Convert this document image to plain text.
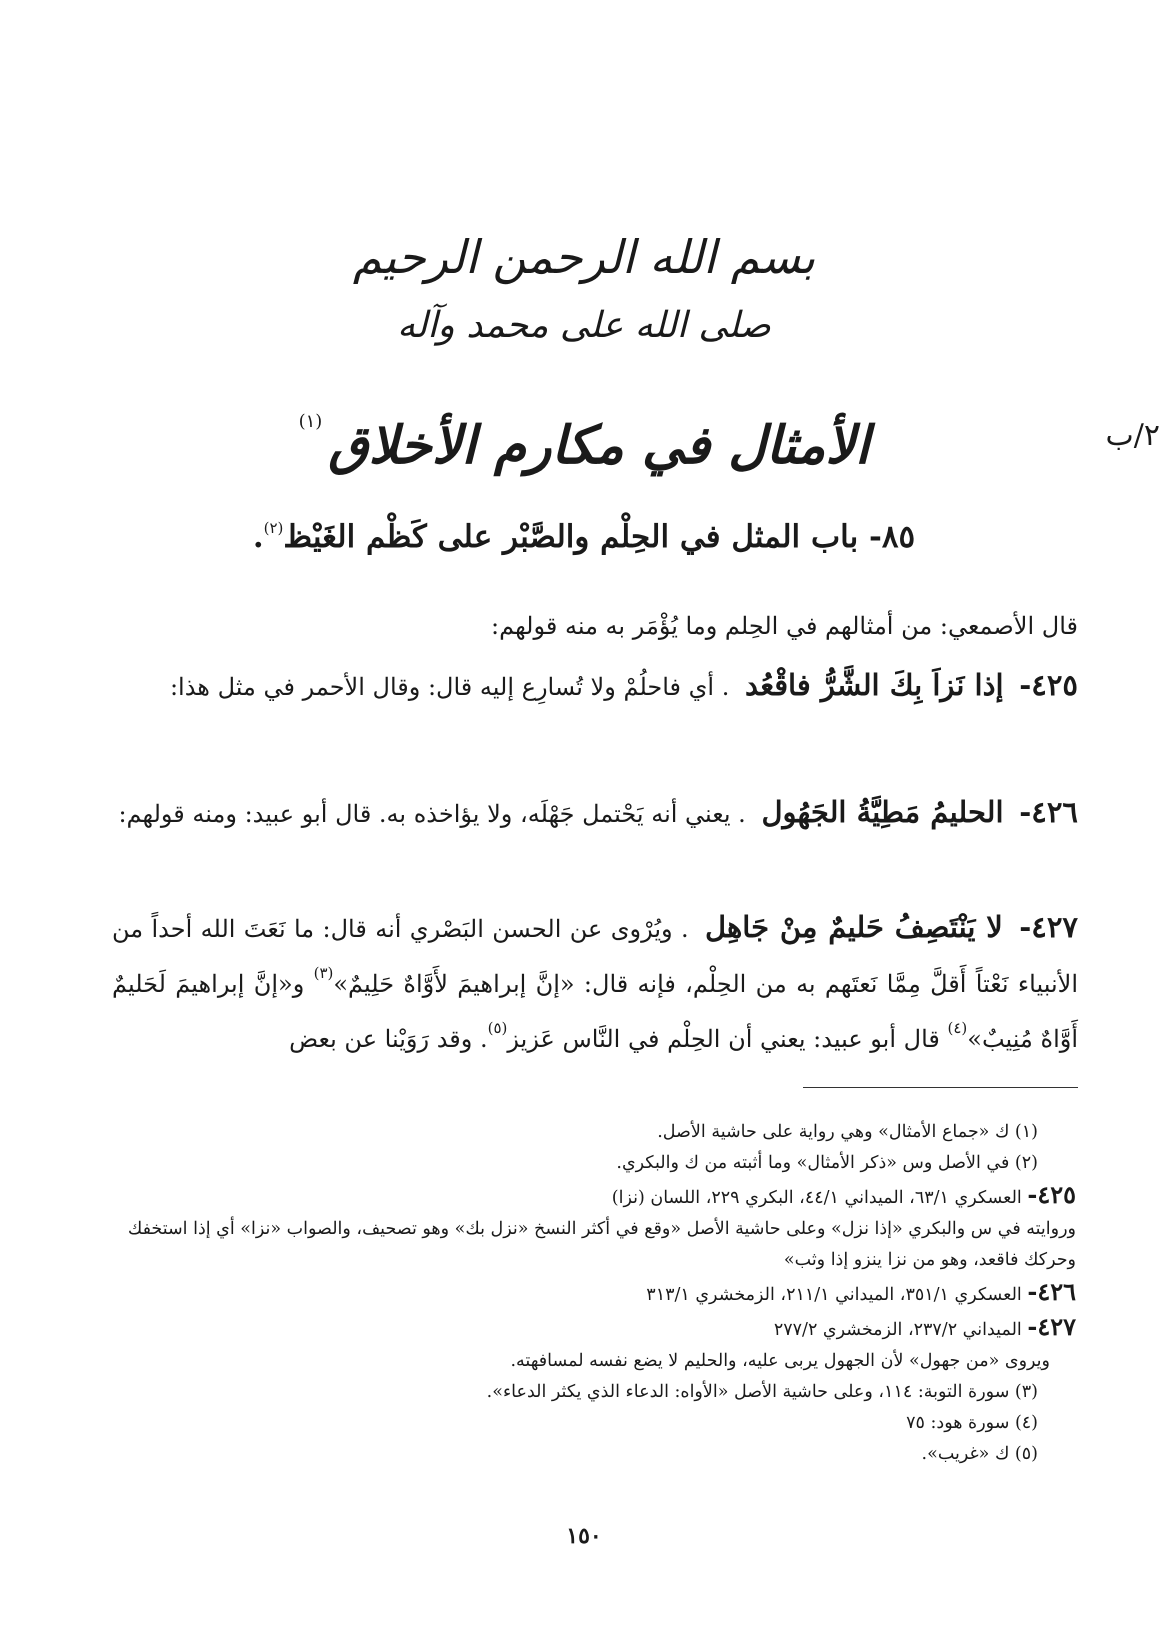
بسم الله الرحمن الرحيم
صلى الله على محمد وآله
الأمثال في مكارم الأخلاق$^{(١)}$	٢/ب
٨٥- باب المثل في الحِلْم والصَّبْر على كَظْم الغَيْظ$^{(٢)}$.
قال الأصمعي: من أمثالهم في الحِلم وما يُؤْمَر به منه قولهم:
٤٢٥- إذا نَزاَ بِكَ الشَّرُّ فاقْعُد . أي فاحلُمْ ولا تُسارِع إليه قال: وقال الأحمر في مثل هذا:
٤٢٦- الحليمُ مَطِيَّةُ الجَهُول . يعني أنه يَحْتمل جَهْلَه، ولا يؤاخذه به. قال أبو عبيد: ومنه قولهم:
٤٢٧- لا يَنْتَصِفُ حَليمٌ مِنْ جَاهِل . ويُرْوى عن الحسن البَصْري أنه قال: ما نَعَتَ الله أحداً من الأنبياء نَعْتاً أَقلَّ مِمَّا نَعتَهم به من الحِلْم، فإنه قال: «إنَّ إبراهيمَ لأَوَّاهٌ حَلِيمٌ»$^{(٣)}$ و«إنَّ إبراهيمَ لَحَليمٌ أَوَّاهٌ مُنِيبٌ»$^{(٤)}$ قال أبو عبيد: يعني أن الحِلْم في النَّاس عَزيز$^{(٥)}$. وقد رَوَيْنا عن بعض
(١) ك «جماع الأمثال» وهي رواية على حاشية الأصل.
(٢) في الأصل وس «ذكر الأمثال» وما أثبته من ك والبكري.
٤٢٥- العسكري ٦٣/١، الميداني ٤٤/١، البكري ٢٢٩، اللسان (نزا)
وروايته في س والبكري «إذا نزل» وعلى حاشية الأصل «وقع في أكثر النسخ «نزل بك» وهو تصحيف، والصواب «نزا» أي إذا استخفك وحركك فاقعد، وهو من نزا ينزو إذا وثب»
٤٢٦- العسكري ٣٥١/١، الميداني ٢١١/١، الزمخشري ٣١٣/١
٤٢٧- الميداني ٢٣٧/٢، الزمخشري ٢٧٧/٢
ويروى «من جهول» لأن الجهول يربى عليه، والحليم لا يضع نفسه لمسافهته.
(٣) سورة التوبة: ١١٤، وعلى حاشية الأصل «الأواه: الدعاء الذي يكثر الدعاء».
(٤) سورة هود: ٧٥
(٥) ك «غريب».
١٥٠
